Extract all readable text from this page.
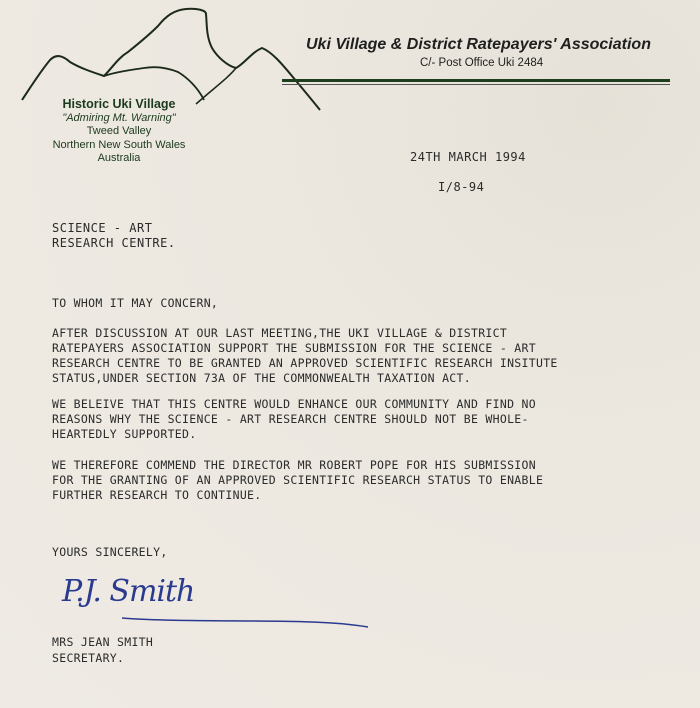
Uki Village & District Ratepayers' Association
C/- Post Office Uki 2484
Historic Uki Village
"Admiring Mt. Warning"
Tweed Valley
Northern New South Wales
Australia	24TH MARCH 1994
I/8-94
SCIENCE - ART
RESEARCH CENTRE.
TO WHOM IT MAY CONCERN,
AFTER DISCUSSION AT OUR LAST MEETING,THE UKI VILLAGE & DISTRICT
RATEPAYERS ASSOCIATION SUPPORT THE SUBMISSION FOR THE SCIENCE - ART
RESEARCH CENTRE TO BE GRANTED AN APPROVED SCIENTIFIC RESEARCH INSITUTE
STATUS,UNDER SECTION 73A OF THE COMMONWEALTH TAXATION ACT.
WE BELEIVE THAT THIS CENTRE WOULD ENHANCE OUR COMMUNITY AND FIND NO
REASONS WHY THE SCIENCE - ART RESEARCH CENTRE SHOULD NOT BE WHOLE-
HEARTEDLY SUPPORTED.
WE THEREFORE COMMEND THE DIRECTOR MR ROBERT POPE FOR HIS SUBMISSION
FOR THE GRANTING OF AN APPROVED SCIENTIFIC RESEARCH STATUS TO ENABLE
FURTHER RESEARCH TO CONTINUE.
YOURS SINCERELY,
P.J. Smith
MRS JEAN SMITH
SECRETARY.
